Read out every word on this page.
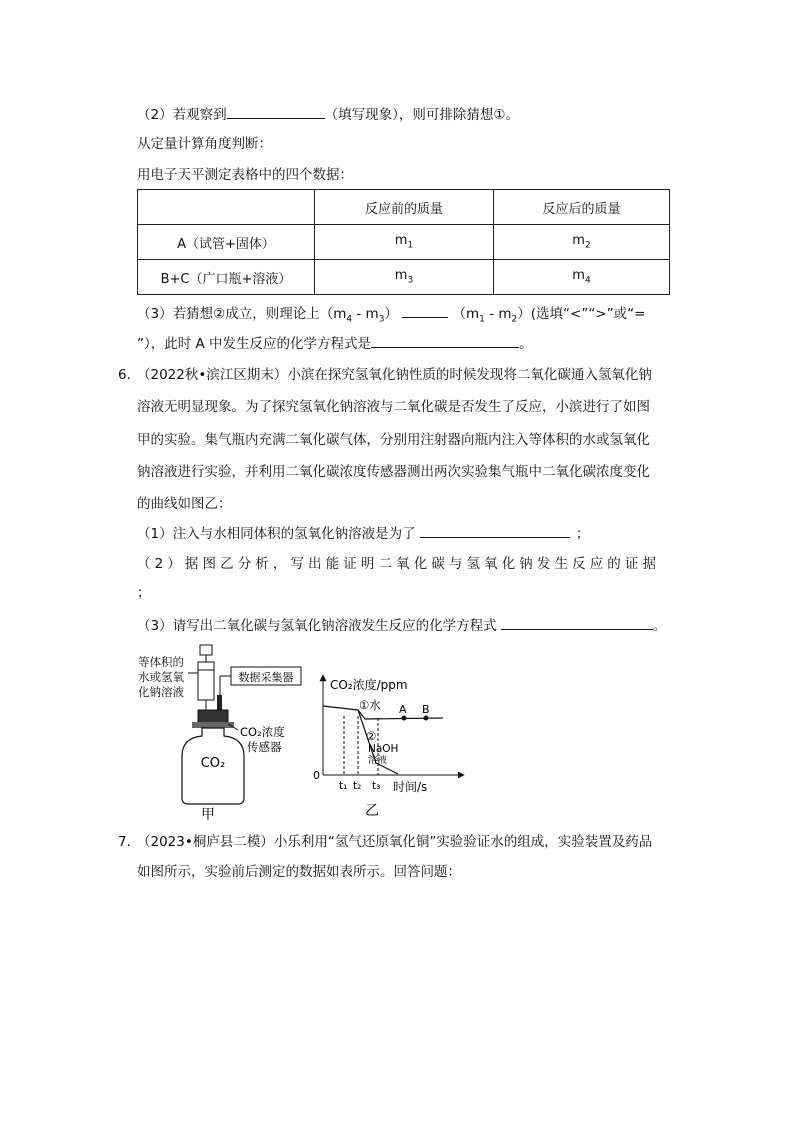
（2）若观察到	（填写现象），则可排除猜想①。
从定量计算角度判断：
用电子天平测定表格中的四个数据：
	反应前的质量	反应后的质量
A（试管+固体）	$m_1$	$m_2$
B+C（广口瓶+溶液）	$m_3$	$m_4$
（3）若猜想②成立，则理论上$(m_4 - m_3)$	$(m_1 - m_2)$(选填“<”“>”或“=
”），此时 A 中发生反应的化学方程式是	。
6．
（2022秋•滨江区期末）小滨在探究氢氧化钠性质的时候发现将二氧化碳通入氢氧化钠
溶液无明显现象。为了探究氢氧化钠溶液与二氧化碳是否发生了反应，小滨进行了如图
甲的实验。集气瓶内充满二氧化碳气体，分别用注射器向瓶内注入等体积的水或氢氧化
钠溶液进行实验，并利用二氧化碳浓度传感器测出两次实验集气瓶中二氧化碳浓度变化
的曲线如图乙：
（1）注入与水相同体积的氢氧化钠溶液是为了	；
（2）据图乙分析，写出能证明二氧化碳与氢氧化钠发生反应的证据
；
（3）请写出二氧化碳与氢氧化钠溶液发生反应的化学方程式	。
数据采集器
CO₂
CO₂浓度
传感器
甲
等体积的
水或氢氧
化钠溶液	CO₂浓度/ppm
0
A B
①水
②
NaOH
溶液
t₁ t₂ t₃ 时间/s
乙
7．
（2023•桐庐县二模）小乐利用“氢气还原氧化铜”实验验证水的组成，实验装置及药品
如图所示，实验前后测定的数据如表所示。回答问题：
